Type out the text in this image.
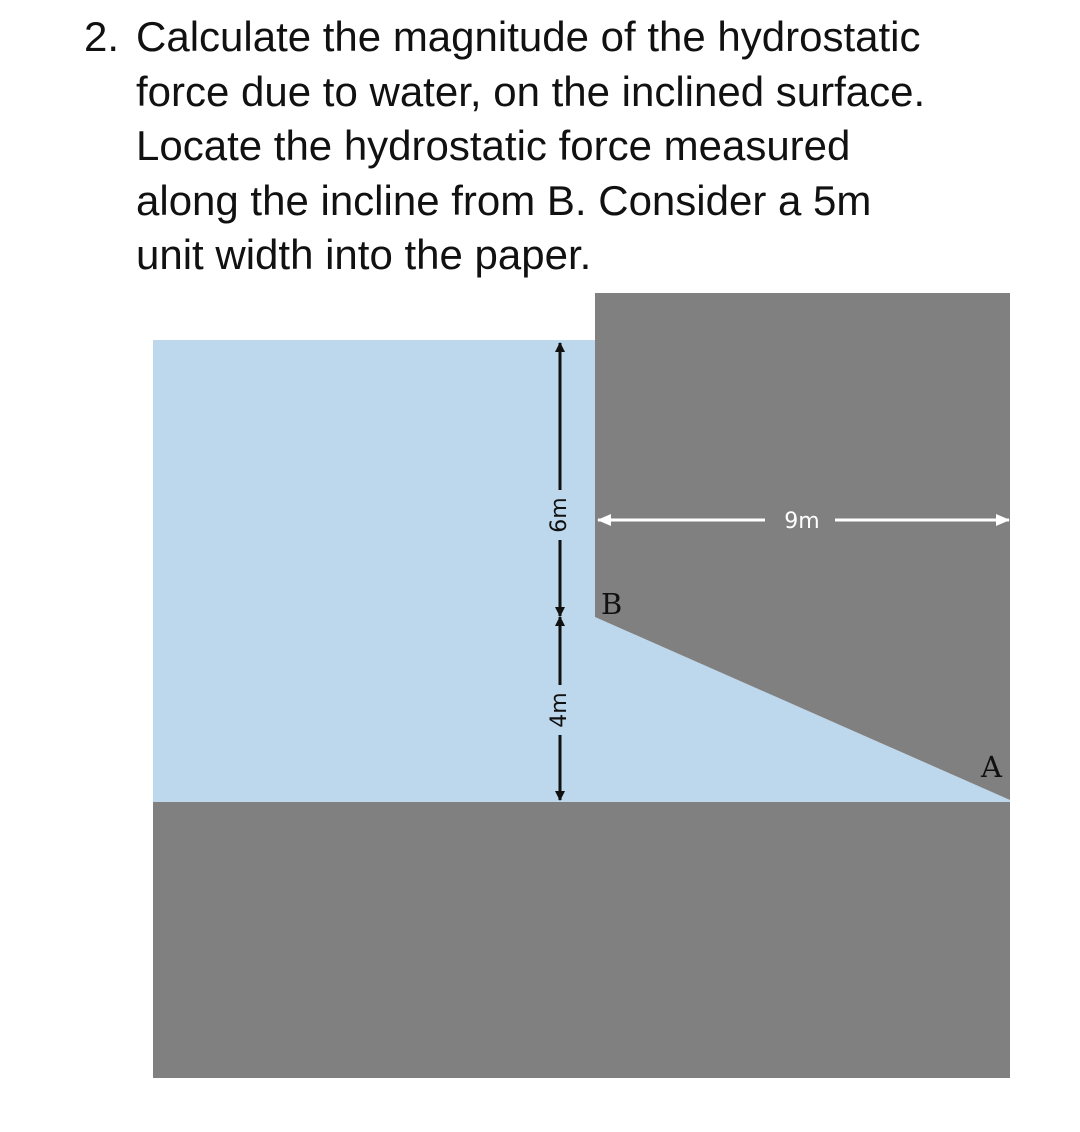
2. Calculate the magnitude of the hydrostatic
force due to water, on the inclined surface.
Locate the hydrostatic force measured
along the incline from B. Consider a 5m
unit width into the paper.
6m
4m
9m
B
A
